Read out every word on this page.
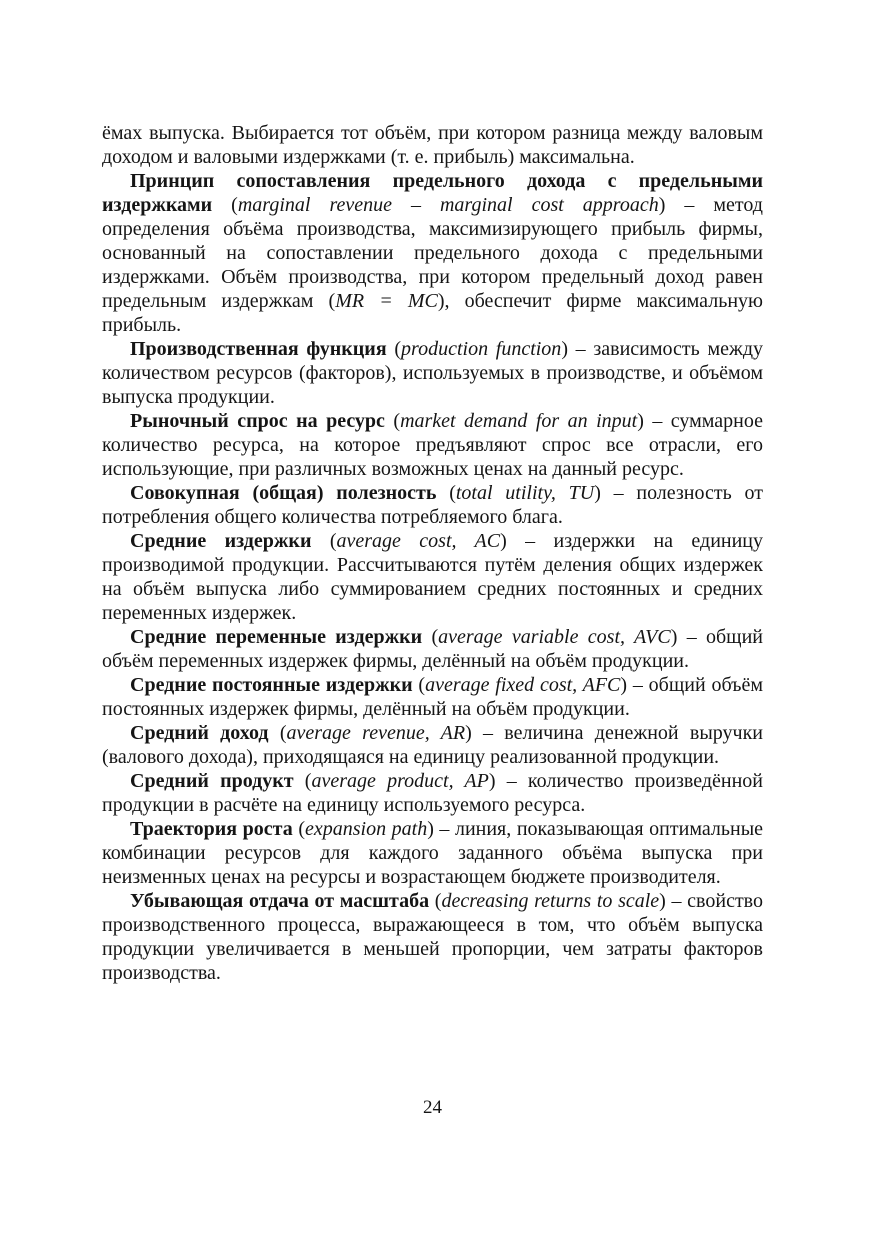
ёмах выпуска. Выбирается тот объём, при котором разница между валовым доходом и валовыми издержками (т. е. прибыль) максимальна.

Принцип сопоставления предельного дохода с предельными издержками (marginal revenue – marginal cost approach) – метод определения объёма производства, максимизирующего прибыль фирмы, основанный на сопоставлении предельного дохода с предельными издержками. Объём производства, при котором предельный доход равен предельным издержкам (MR = MC), обеспечит фирме максимальную прибыль.

Производственная функция (production function) – зависимость между количеством ресурсов (факторов), используемых в производстве, и объёмом выпуска продукции.

Рыночный спрос на ресурс (market demand for an input) – суммарное количество ресурса, на которое предъявляют спрос все отрасли, его использующие, при различных возможных ценах на данный ресурс.

Совокупная (общая) полезность (total utility, TU) – полезность от потребления общего количества потребляемого блага.

Средние издержки (average cost, AC) – издержки на единицу производимой продукции. Рассчитываются путём деления общих издержек на объём выпуска либо суммированием средних постоянных и средних переменных издержек.

Средние переменные издержки (average variable cost, AVC) – общий объём переменных издержек фирмы, делённый на объём продукции.

Средние постоянные издержки (average fixed cost, AFC) – общий объём постоянных издержек фирмы, делённый на объём продукции.

Средний доход (average revenue, AR) – величина денежной выручки (валового дохода), приходящаяся на единицу реализованной продукции.

Средний продукт (average product, AP) – количество произведённой продукции в расчёте на единицу используемого ресурса.

Траектория роста (expansion path) – линия, показывающая оптимальные комбинации ресурсов для каждого заданного объёма выпуска при неизменных ценах на ресурсы и возрастающем бюджете производителя.

Убывающая отдача от масштаба (decreasing returns to scale) – свойство производственного процесса, выражающееся в том, что объём выпуска продукции увеличивается в меньшей пропорции, чем затраты факторов производства.

24
